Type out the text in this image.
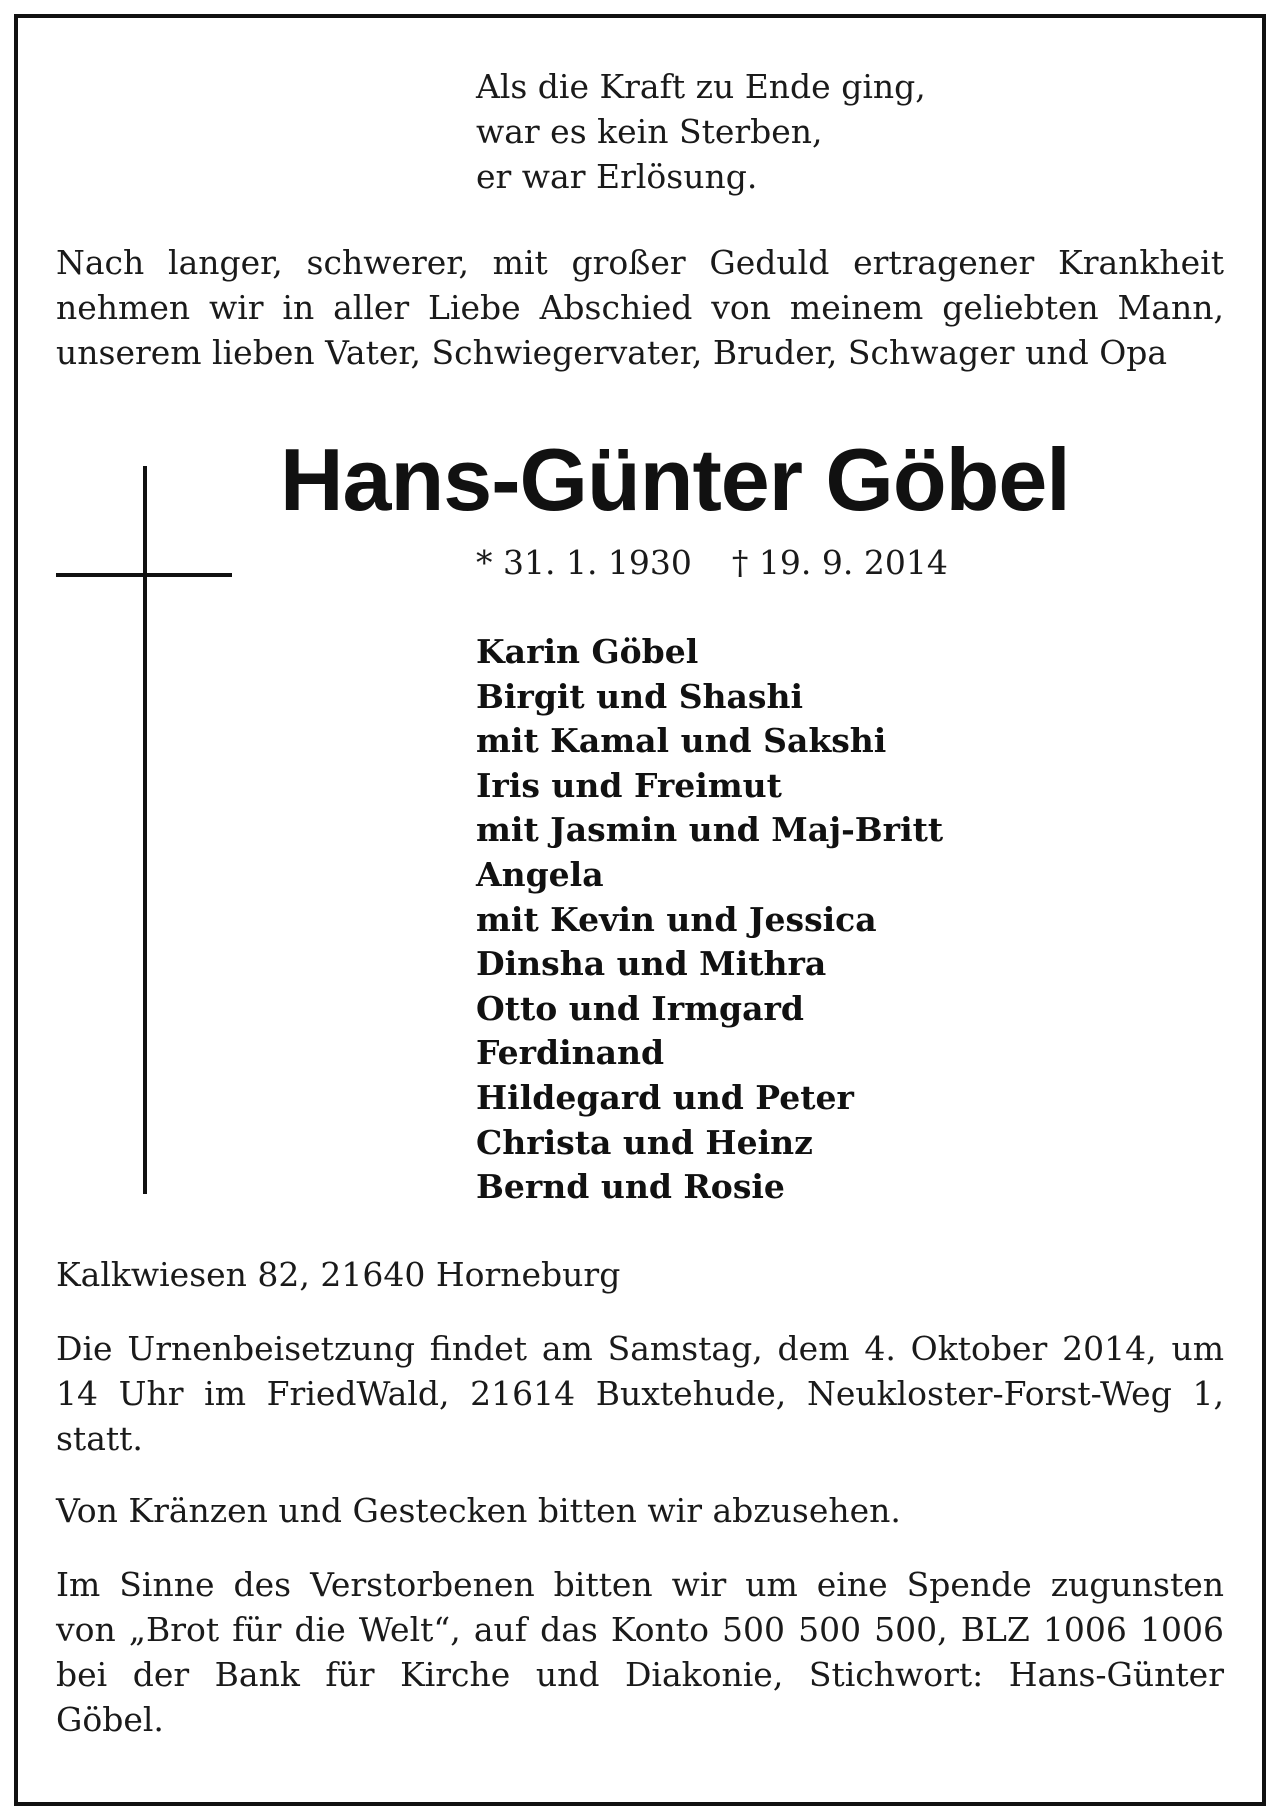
Als die Kraft zu Ende ging,
war es kein Sterben,
er war Erlösung.
Nach langer, schwerer, mit großer Geduld ertragener Krankheit
nehmen wir in aller Liebe Abschied von meinem geliebten Mann,
unserem lieben Vater, Schwiegervater, Bruder, Schwager und Opa
Hans-Günter Göbel
* 31. 1. 1930 † 19. 9. 2014
Karin Göbel
Birgit und Shashi
mit Kamal und Sakshi
Iris und Freimut
mit Jasmin und Maj-Britt
Angela
mit Kevin und Jessica
Dinsha und Mithra
Otto und Irmgard
Ferdinand
Hildegard und Peter
Christa und Heinz
Bernd und Rosie
Kalkwiesen 82, 21640 Horneburg
Die Urnenbeisetzung findet am Samstag, dem 4. Oktober 2014, um
14 Uhr im FriedWald, 21614 Buxtehude, Neukloster-Forst-Weg 1,
statt.
Von Kränzen und Gestecken bitten wir abzusehen.
Im Sinne des Verstorbenen bitten wir um eine Spende zugunsten
von „Brot für die Welt“, auf das Konto 500 500 500, BLZ 1006 1006
bei der Bank für Kirche und Diakonie, Stichwort: Hans-Günter
Göbel.
